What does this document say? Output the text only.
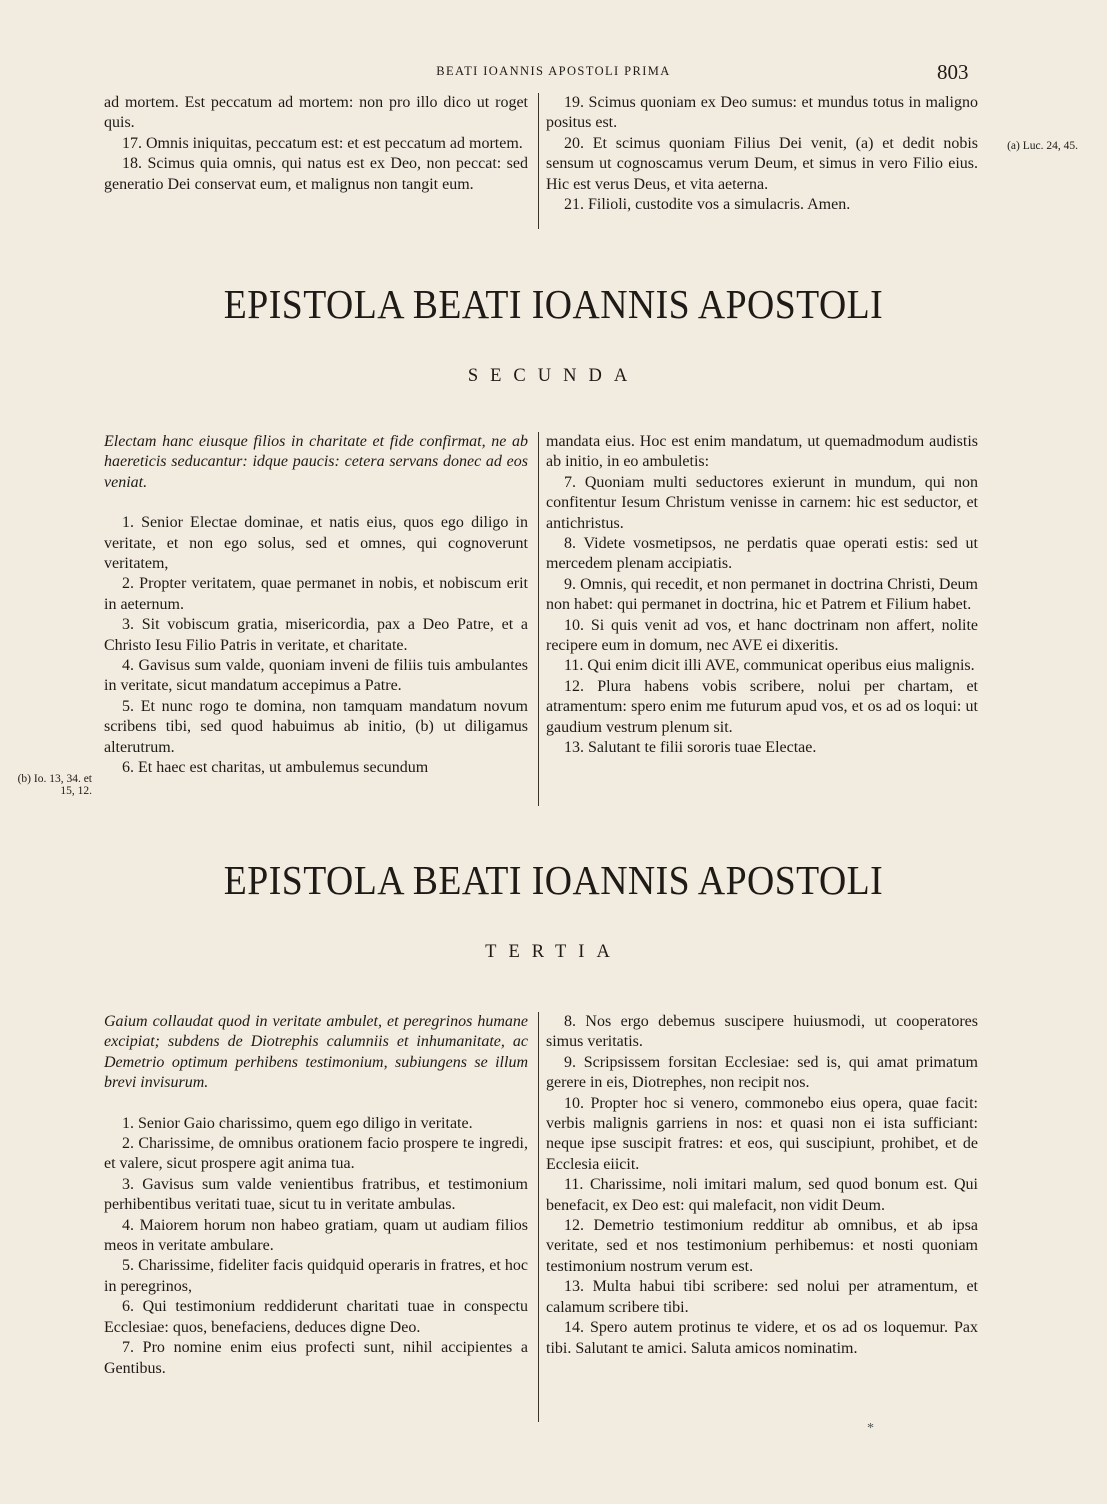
BEATI IOANNIS APOSTOLI PRIMA	803

ad mortem. Est peccatum ad mortem: non pro illo dico ut roget quis.

17. Omnis iniquitas, peccatum est: et est peccatum ad mortem.

18. Scimus quia omnis, qui natus est ex Deo, non peccat: sed generatio Dei conservat eum, et malignus non tangit eum.

19. Scimus quoniam ex Deo sumus: et mundus totus in maligno positus est.

20. Et scimus quoniam Filius Dei venit, (a) et dedit nobis sensum ut cognoscamus verum Deum, et simus in vero Filio eius. Hic est verus Deus, et vita aeterna.

21. Filioli, custodite vos a simulacris. Amen.

(a) Luc. 24, 45.
EPISTOLA BEATI IOANNIS APOSTOLI
SECUNDA

Electam hanc eiusque filios in charitate et fide confirmat, ne ab haereticis seducantur: idque paucis: cetera servans donec ad eos veniat.

1. Senior Electae dominae, et natis eius, quos ego diligo in veritate, et non ego solus, sed et omnes, qui cognoverunt veritatem,

2. Propter veritatem, quae permanet in nobis, et nobiscum erit in aeternum.

3. Sit vobiscum gratia, misericordia, pax a Deo Patre, et a Christo Iesu Filio Patris in veritate, et charitate.

4. Gavisus sum valde, quoniam inveni de filiis tuis ambulantes in veritate, sicut mandatum accepimus a Patre.

5. Et nunc rogo te domina, non tamquam mandatum novum scribens tibi, sed quod habuimus ab initio, (b) ut diligamus alterutrum.

6. Et haec est charitas, ut ambulemus secundum

mandata eius. Hoc est enim mandatum, ut quemadmodum audistis ab initio, in eo ambuletis:

7. Quoniam multi seductores exierunt in mundum, qui non confitentur Iesum Christum venisse in carnem: hic est seductor, et antichristus.

8. Videte vosmetipsos, ne perdatis quae operati estis: sed ut mercedem plenam accipiatis.

9. Omnis, qui recedit, et non permanet in doctrina Christi, Deum non habet: qui permanet in doctrina, hic et Patrem et Filium habet.

10. Si quis venit ad vos, et hanc doctrinam non affert, nolite recipere eum in domum, nec AVE ei dixeritis.

11. Qui enim dicit illi AVE, communicat operibus eius malignis.

12. Plura habens vobis scribere, nolui per chartam, et atramentum: spero enim me futurum apud vos, et os ad os loqui: ut gaudium vestrum plenum sit.

13. Salutant te filii sororis tuae Electae.

(b) Io. 13, 34. et 15, 12.
EPISTOLA BEATI IOANNIS APOSTOLI
TERTIA

Gaium collaudat quod in veritate ambulet, et peregrinos humane excipiat; subdens de Diotrephis calumniis et inhumanitate, ac Demetrio optimum perhibens testimonium, subiungens se illum brevi invisurum.

1. Senior Gaio charissimo, quem ego diligo in veritate.

2. Charissime, de omnibus orationem facio prospere te ingredi, et valere, sicut prospere agit anima tua.

3. Gavisus sum valde venientibus fratribus, et testimonium perhibentibus veritati tuae, sicut tu in veritate ambulas.

4. Maiorem horum non habeo gratiam, quam ut audiam filios meos in veritate ambulare.

5. Charissime, fideliter facis quidquid operaris in fratres, et hoc in peregrinos,

6. Qui testimonium reddiderunt charitati tuae in conspectu Ecclesiae: quos, benefaciens, deduces digne Deo.

7. Pro nomine enim eius profecti sunt, nihil accipientes a Gentibus.

8. Nos ergo debemus suscipere huiusmodi, ut cooperatores simus veritatis.

9. Scripsissem forsitan Ecclesiae: sed is, qui amat primatum gerere in eis, Diotrephes, non recipit nos.

10. Propter hoc si venero, commonebo eius opera, quae facit: verbis malignis garriens in nos: et quasi non ei ista sufficiant: neque ipse suscipit fratres: et eos, qui suscipiunt, prohibet, et de Ecclesia eiicit.

11. Charissime, noli imitari malum, sed quod bonum est. Qui benefacit, ex Deo est: qui malefacit, non vidit Deum.

12. Demetrio testimonium redditur ab omnibus, et ab ipsa veritate, sed et nos testimonium perhibemus: et nosti quoniam testimonium nostrum verum est.

13. Multa habui tibi scribere: sed nolui per atramentum, et calamum scribere tibi.

14. Spero autem protinus te videre, et os ad os loquemur. Pax tibi. Salutant te amici. Saluta amicos nominatim.

*
